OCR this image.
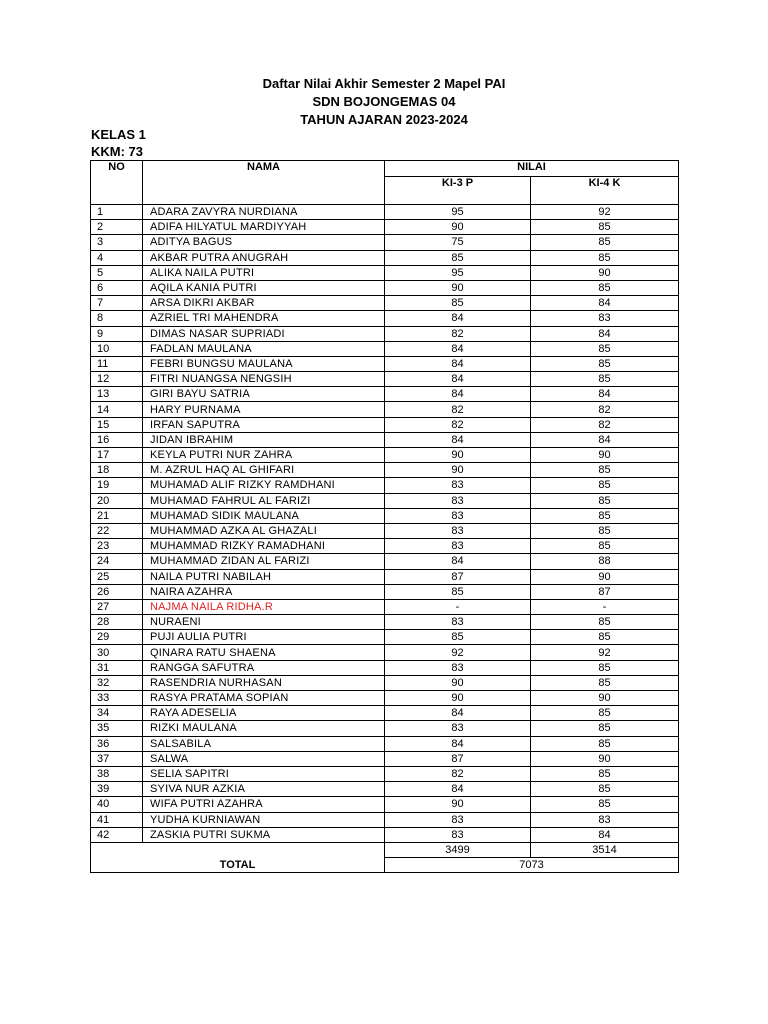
Daftar Nilai Akhir Semester 2 Mapel PAI
SDN BOJONGEMAS 04
TAHUN AJARAN 2023-2024
KELAS 1
KKM: 73
NO	NAMA	NILAI	
		KI-3 P	KI-4 K

1	ADARA ZAVYRA NURDIANA	95	92
2	ADIFA HILYATUL MARDIYYAH	90	85
3	ADITYA BAGUS	75	85
4	AKBAR PUTRA ANUGRAH	85	85
5	ALIKA NAILA PUTRI	95	90
6	AQILA KANIA PUTRI	90	85
7	ARSA DIKRI AKBAR	85	84
8	AZRIEL TRI MAHENDRA	84	83
9	DIMAS NASAR SUPRIADI	82	84
10	FADLAN MAULANA	84	85
11	FEBRI BUNGSU MAULANA	84	85
12	FITRI NUANGSA NENGSIH	84	85
13	GIRI BAYU SATRIA	84	84
14	HARY PURNAMA	82	82
15	IRFAN SAPUTRA	82	82
16	JIDAN IBRAHIM	84	84
17	KEYLA PUTRI NUR ZAHRA	90	90
18	M. AZRUL HAQ AL GHIFARI	90	85
19	MUHAMAD ALIF RIZKY RAMDHANI	83	85
20	MUHAMAD FAHRUL AL FARIZI	83	85
21	MUHAMAD SIDIK MAULANA	83	85
22	MUHAMMAD AZKA AL GHAZALI	83	85
23	MUHAMMAD RIZKY RAMADHANI	83	85
24	MUHAMMAD ZIDAN AL FARIZI	84	88
25	NAILA PUTRI NABILAH	87	90
26	NAIRA AZAHRA	85	87
27	NAJMA NAILA RIDHA.R	-	-
28	NURAENI	83	85
29	PUJI AULIA PUTRI	85	85
30	QINARA RATU SHAENA	92	92
31	RANGGA SAFUTRA	83	85
32	RASENDRIA NURHASAN	90	85
33	RASYA PRATAMA SOPIAN	90	90
34	RAYA ADESELIA	84	85
35	RIZKI MAULANA	83	85
36	SALSABILA	84	85
37	SALWA	87	90
38	SELIA SAPITRI	82	85
39	SYIVA NUR AZKIA	84	85
40	WIFA PUTRI AZAHRA	90	85
41	YUDHA KURNIAWAN	83	83
42	ZASKIA PUTRI SUKMA	83	84
		3499	3514
TOTAL		7073	
